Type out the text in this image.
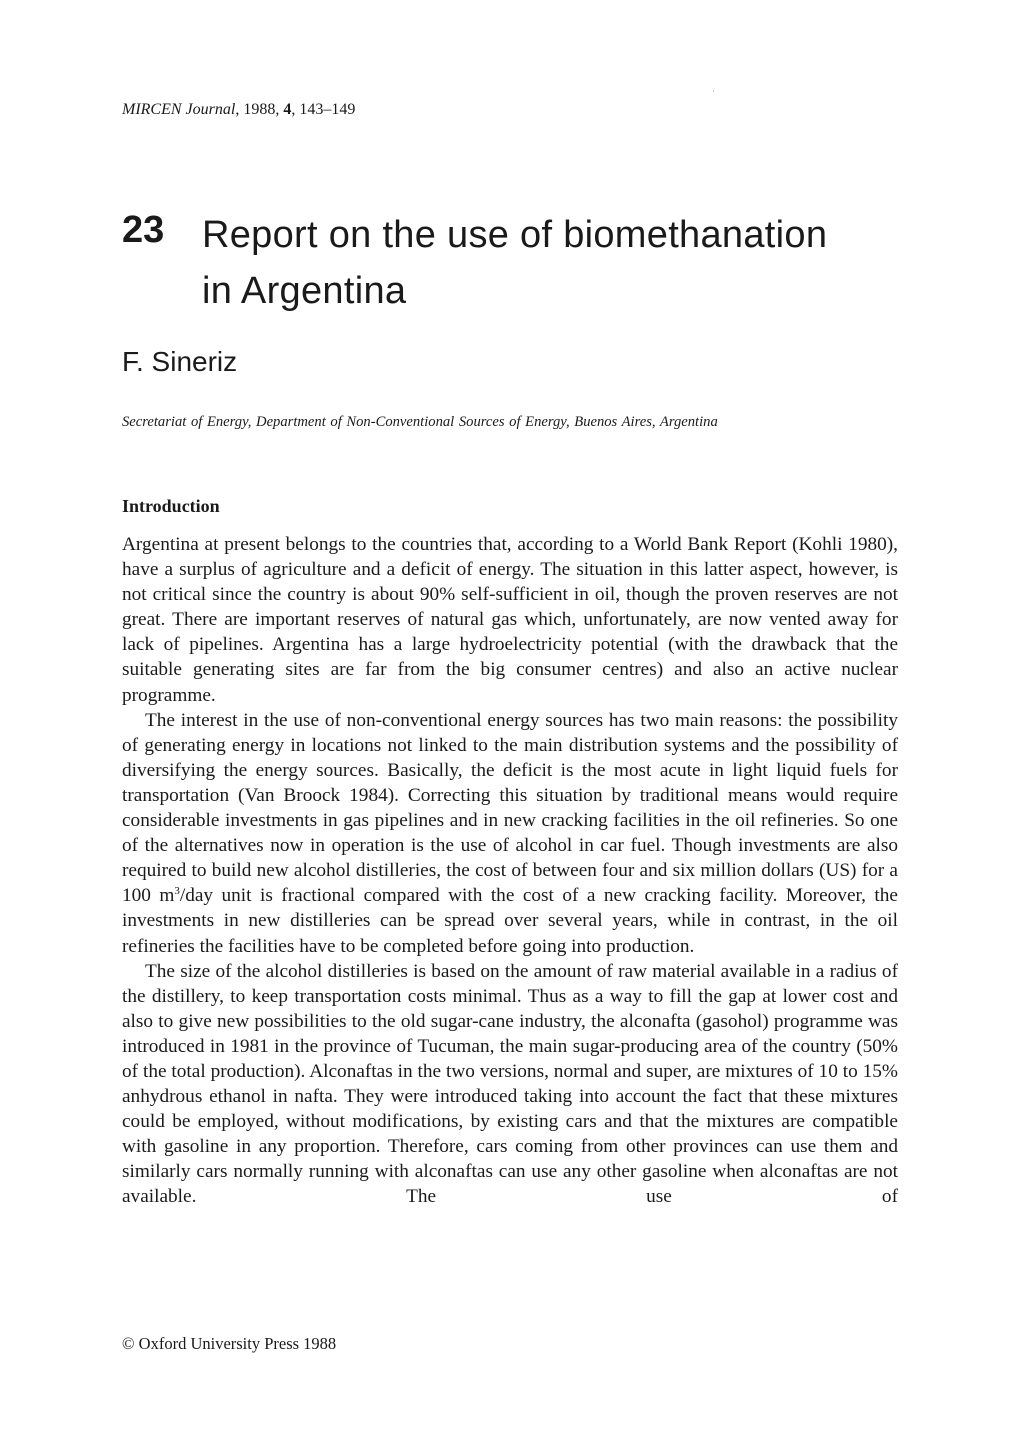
MIRCEN Journal, 1988, 4, 143–149
23 Report on the use of biomethanation
in Argentina
F. Sineriz
Secretariat of Energy, Department of Non-Conventional Sources of Energy, Buenos Aires, Argentina
Introduction

Argentina at present belongs to the countries that, according to a World Bank Report (Kohli 1980), have a surplus of agriculture and a deficit of energy. The situation in this latter aspect, however, is not critical since the country is about 90% self-sufficient in oil, though the proven reserves are not great. There are important reserves of natural gas which, unfortunately, are now vented away for lack of pipelines. Argentina has a large hydroelectricity potential (with the drawback that the suitable generating sites are far from the big consumer centres) and also an active nuclear programme.

The interest in the use of non-conventional energy sources has two main reasons: the possibility of generating energy in locations not linked to the main distribution systems and the possibility of diversifying the energy sources. Basically, the deficit is the most acute in light liquid fuels for transportation (Van Broock 1984). Correcting this situation by traditional means would require considerable investments in gas pipelines and in new cracking facilities in the oil refineries. So one of the alternatives now in operation is the use of alcohol in car fuel. Though investments are also required to build new alcohol distilleries, the cost of between four and six million dollars (US) for a 100 $m^3$/day unit is fractional compared with the cost of a new cracking facility. Moreover, the investments in new distilleries can be spread over several years, while in contrast, in the oil refineries the facilities have to be completed before going into production.

The size of the alcohol distilleries is based on the amount of raw material available in a radius of the distillery, to keep transportation costs minimal. Thus as a way to fill the gap at lower cost and also to give new possibilities to the old sugar-cane industry, the alconafta (gasohol) programme was introduced in 1981 in the province of Tucuman, the main sugar-producing area of the country (50% of the total production). Alconaftas in the two versions, normal and super, are mixtures of 10 to 15% anhydrous ethanol in nafta. They were introduced taking into account the fact that these mixtures could be employed, without modifications, by existing cars and that the mixtures are compatible with gasoline in any proportion. Therefore, cars coming from other provinces can use them and similarly cars normally running with alconaftas can use any other gasoline when alconaftas are not available. The use of

© Oxford University Press 1988
